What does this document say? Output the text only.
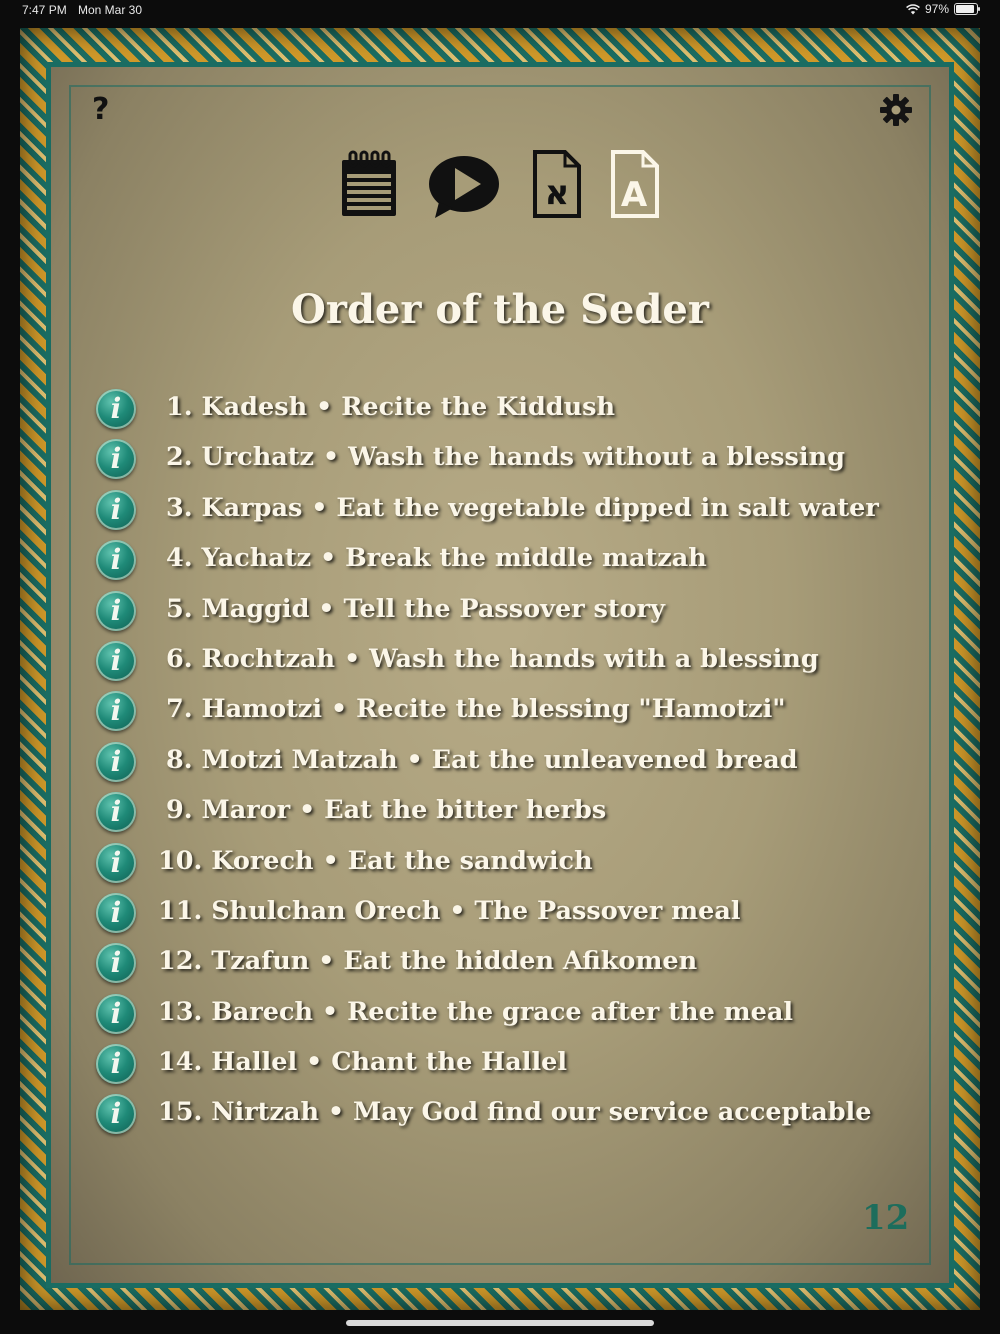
7:47 PM Mon Mar 30	97%
?
א A
Order of the Seder
i	1. Kadesh • Recite the Kiddush
i	2. Urchatz • Wash the hands without a blessing
i	3. Karpas • Eat the vegetable dipped in salt water
i	4. Yachatz • Break the middle matzah
i	5. Maggid • Tell the Passover story
i	6. Rochtzah • Wash the hands with a blessing
i	7. Hamotzi • Recite the blessing "Hamotzi"
i	8. Motzi Matzah • Eat the unleavened bread
i	9. Maror • Eat the bitter herbs
i	10. Korech • Eat the sandwich
i	11. Shulchan Orech • The Passover meal
i	12. Tzafun • Eat the hidden Afikomen
i	13. Barech • Recite the grace after the meal
i	14. Hallel • Chant the Hallel
i	15. Nirtzah • May God find our service acceptable
12
